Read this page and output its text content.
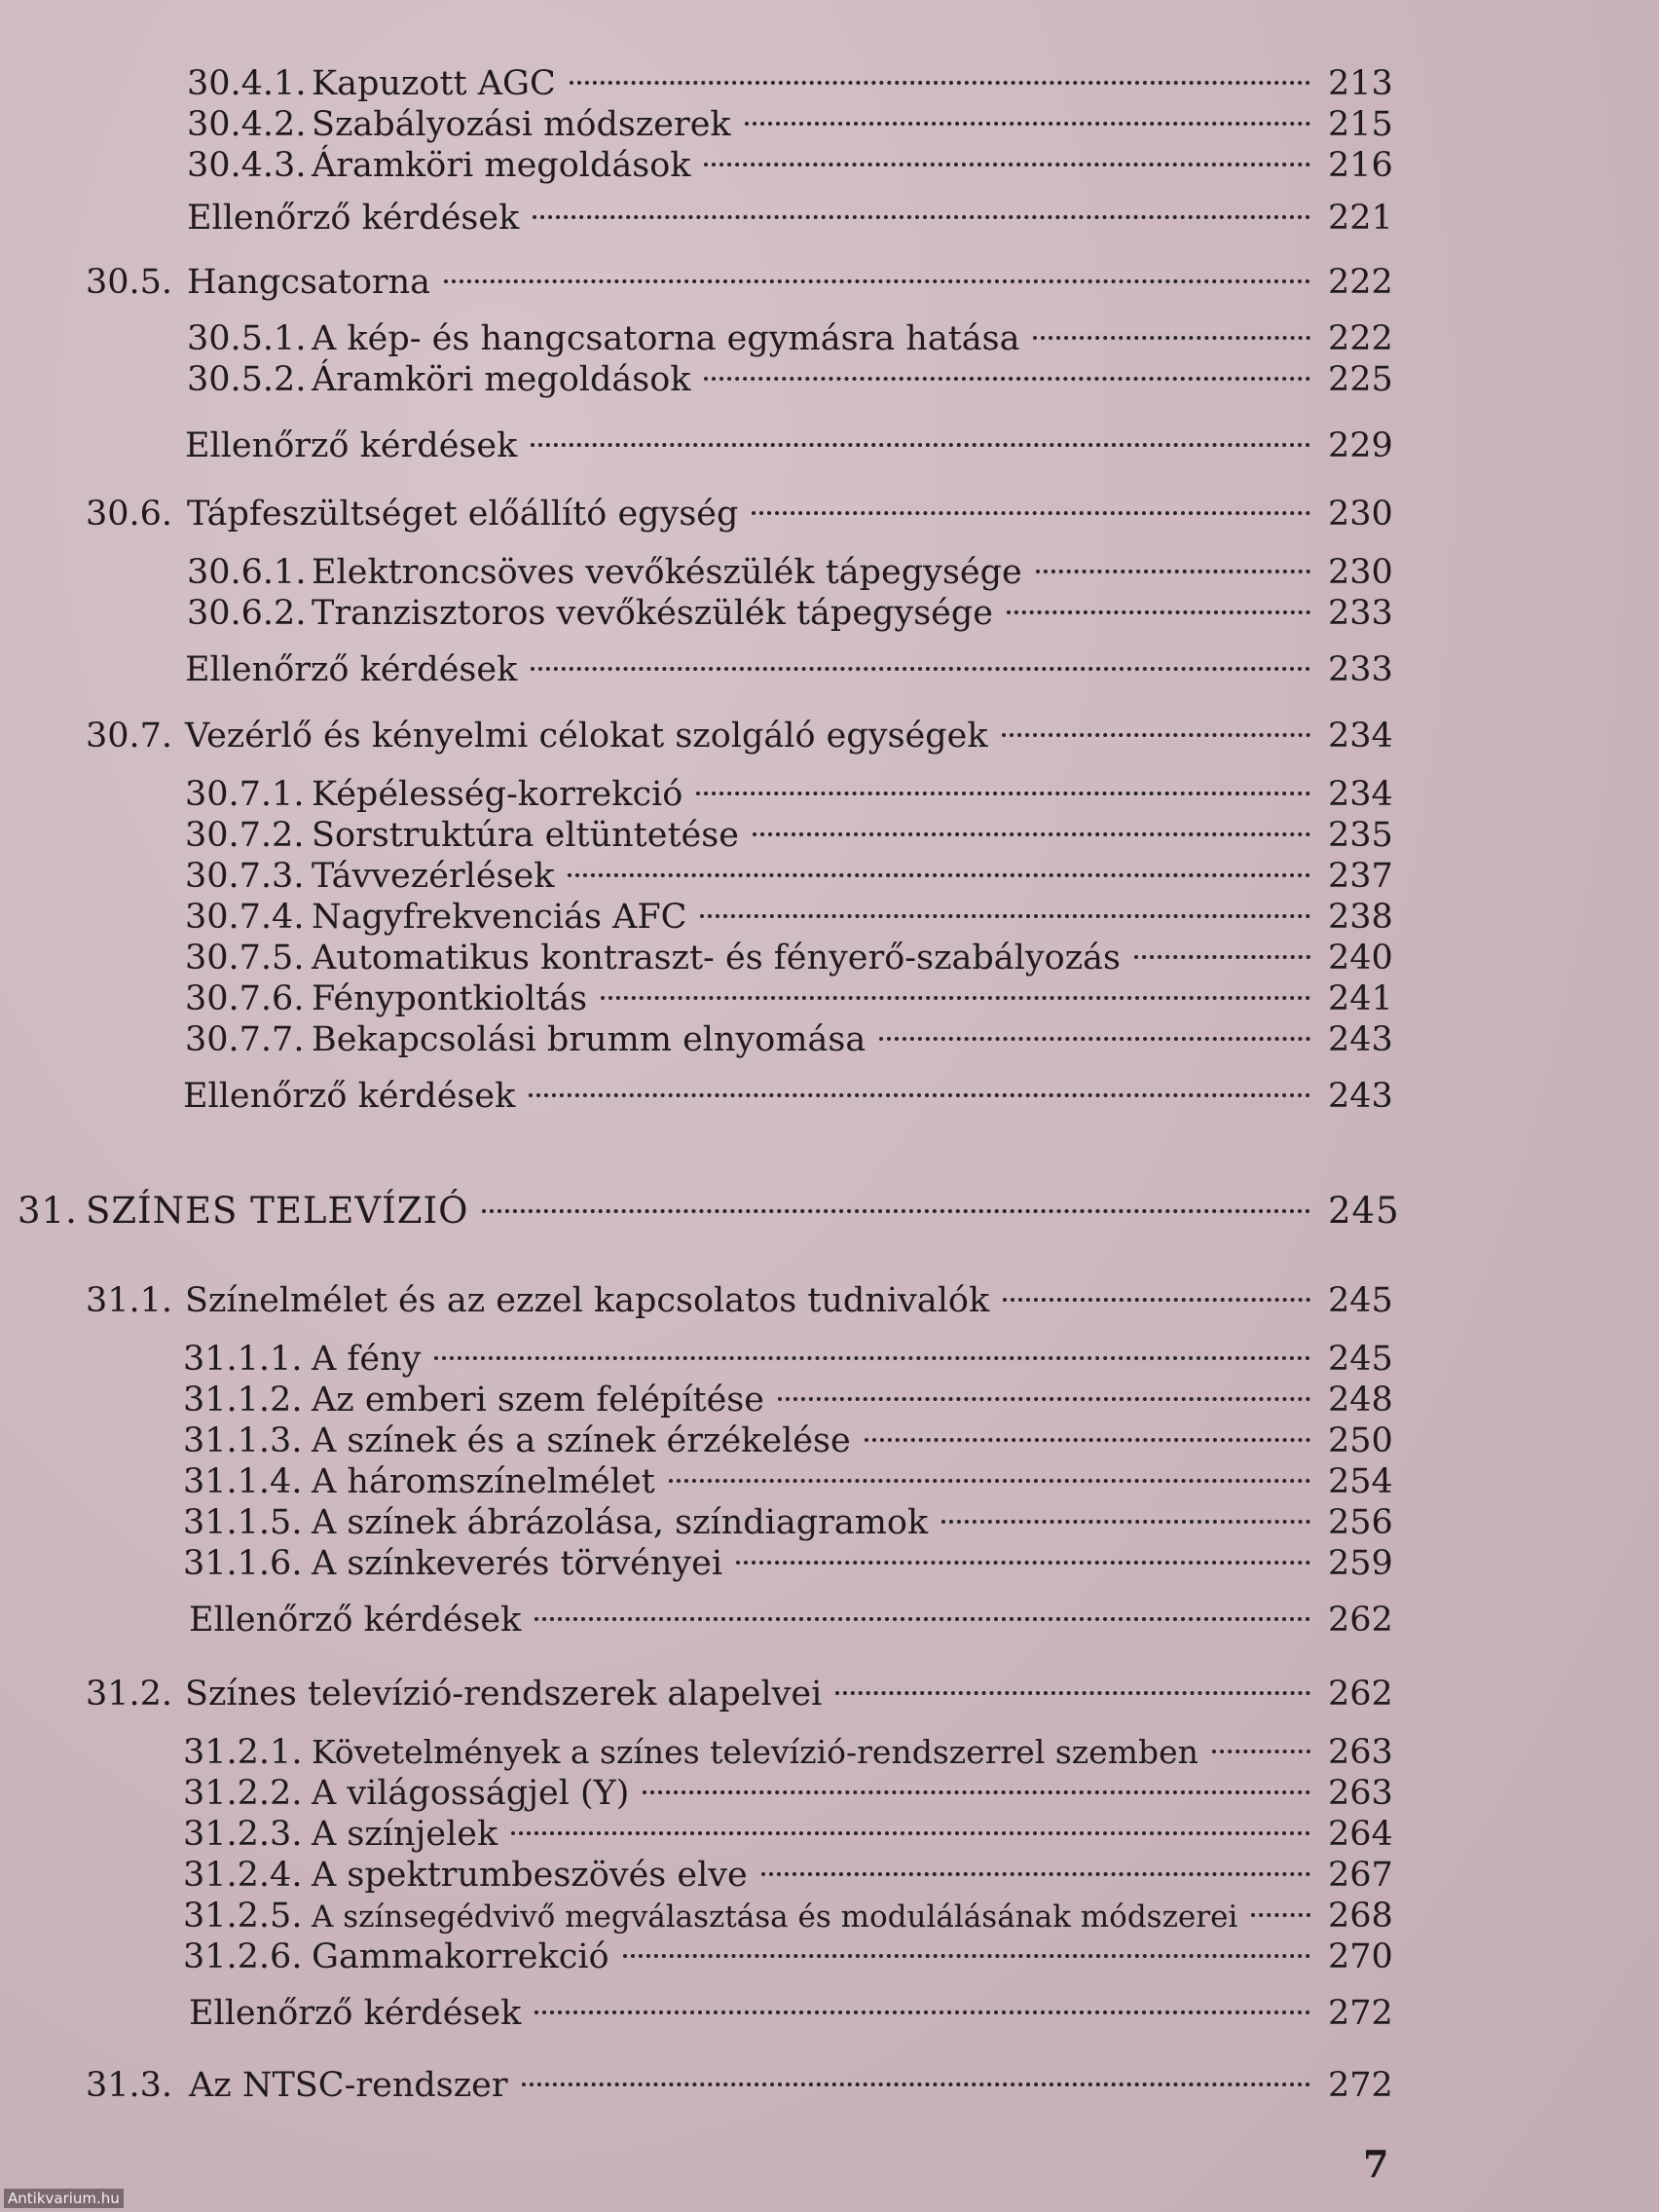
30.4.1. Kapuzott AGC	213
30.4.2. Szabályozási módszerek	215
30.4.3. Áramköri megoldások	216
Ellenőrző kérdések	221
30.5. Hangcsatorna	222
30.5.1. A kép- és hangcsatorna egymásra hatása	222
30.5.2. Áramköri megoldások	225
Ellenőrző kérdések	229
30.6. Tápfeszültséget előállító egység	230
30.6.1. Elektroncsöves vevőkészülék tápegysége	230
30.6.2. Tranzisztoros vevőkészülék tápegysége	233
Ellenőrző kérdések	233
30.7. Vezérlő és kényelmi célokat szolgáló egységek	234
30.7.1. Képélesség-korrekció	234
30.7.2. Sorstruktúra eltüntetése	235
30.7.3. Távvezérlések	237
30.7.4. Nagyfrekvenciás AFC	238
30.7.5. Automatikus kontraszt- és fényerő-szabályozás	240
30.7.6. Fénypontkioltás	241
30.7.7. Bekapcsolási brumm elnyomása	243
Ellenőrző kérdések	243
31. SZÍNES TELEVÍZIÓ	245
31.1. Színelmélet és az ezzel kapcsolatos tudnivalók	245
31.1.1. A fény	245
31.1.2. Az emberi szem felépítése	248
31.1.3. A színek és a színek érzékelése	250
31.1.4. A háromszínelmélet	254
31.1.5. A színek ábrázolása, színdiagramok	256
31.1.6. A színkeverés törvényei	259
Ellenőrző kérdések	262
31.2. Színes televízió-rendszerek alapelvei	262
31.2.1. Követelmények a színes televízió-rendszerrel szemben	263
31.2.2. A világosságjel (Y)	263
31.2.3. A színjelek	264
31.2.4. A spektrumbeszövés elve	267
31.2.5. A színsegédvivő megválasztása és modulálásának módszerei	268
31.2.6. Gammakorrekció	270
Ellenőrző kérdések	272
31.3. Az NTSC-rendszer	272
7
Antikvarium.hu
